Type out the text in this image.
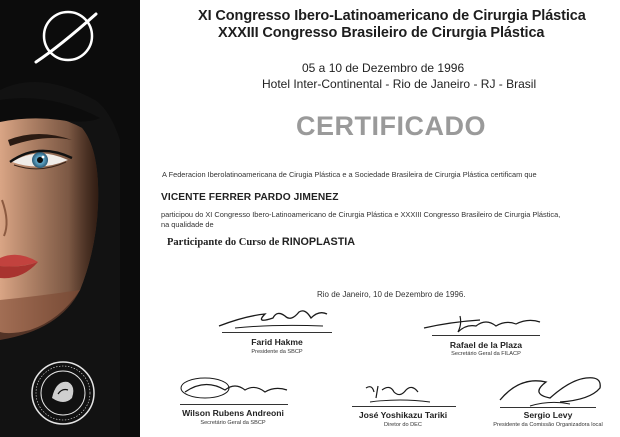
XI Congresso Ibero-Latinoamericano de Cirurgia Plástica
XXXIII Congresso Brasileiro de Cirurgia Plástica
05 a 10 de Dezembro de 1996
Hotel Inter-Continental - Rio de Janeiro - RJ - Brasil
CERTIFICADO
A Federacion Iberolatinoamericana de Cirugia Plástica e a Sociedade Brasileira de Cirurgia Plástica certificam que
VICENTE FERRER PARDO JIMENEZ
participou do XI Congresso Ibero-Latinoamericano de Cirurgia Plástica e XXXIII Congresso Brasileiro de Cirurgia Plástica,
na qualidade de
Participante do Curso de RINOPLASTIA
Rio de Janeiro, 10 de Dezembro de 1996.
Farid Hakme
Presidente da SBCP
Rafael de la Plaza
Secretário Geral da FILACP
Wilson Rubens Andreoni
Secretário Geral da SBCP
José Yoshikazu Tariki
Diretor do DEC
Sergio Levy
Presidente da Comissão Organizadora local
